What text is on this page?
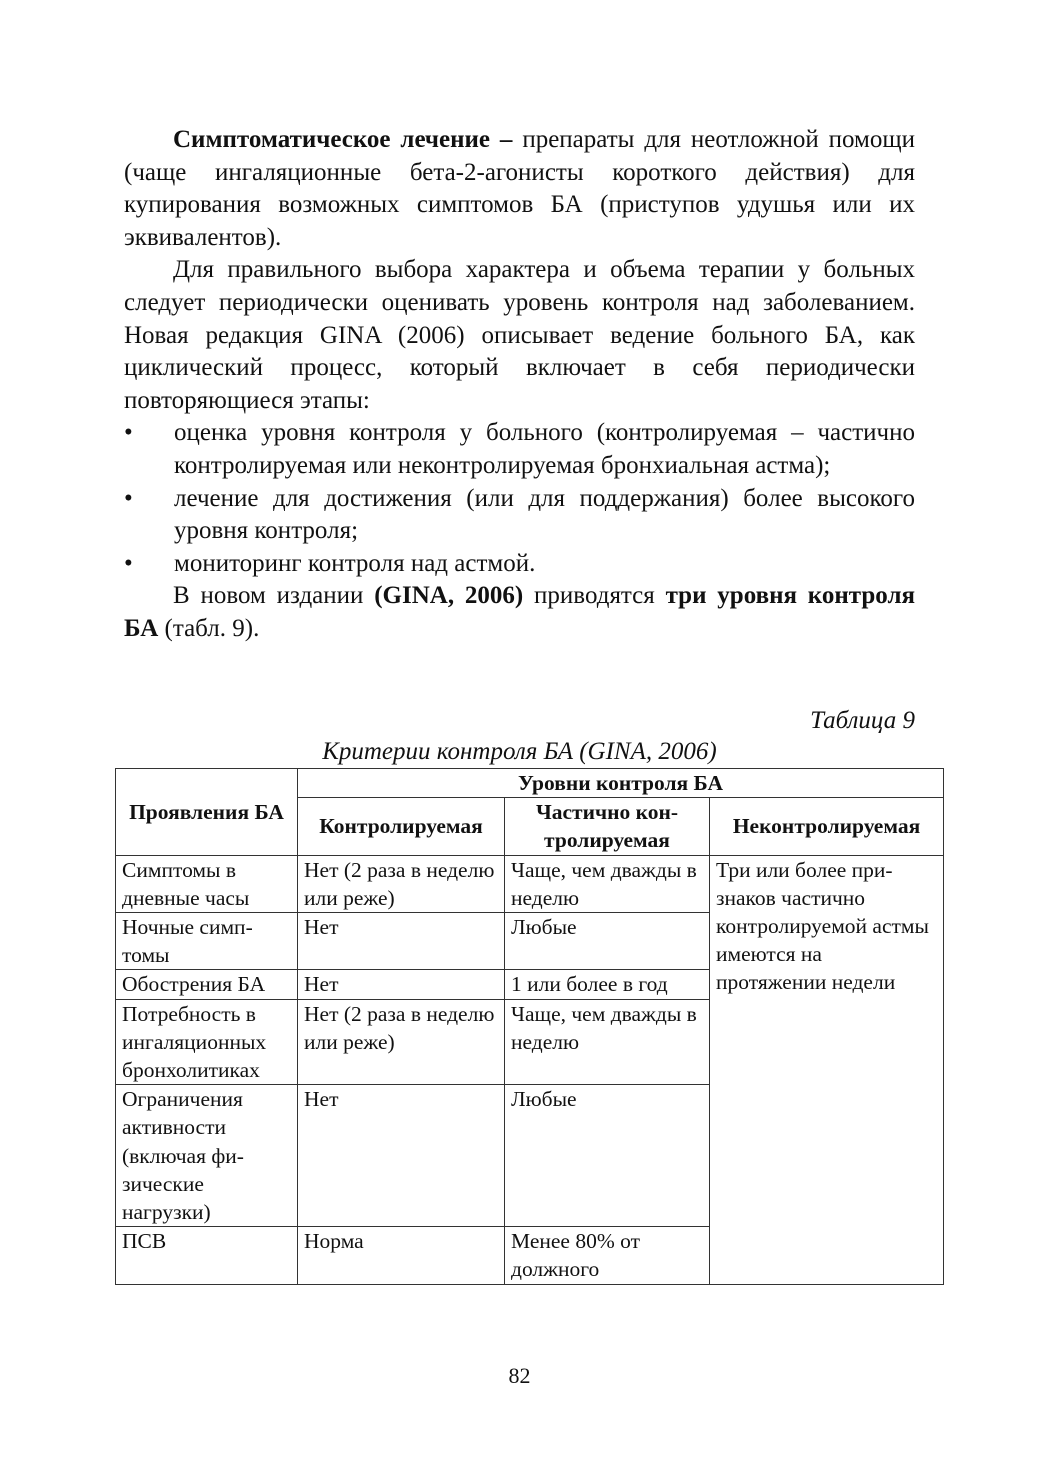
Симптоматическое лечение – препараты для неотложной помощи (чаще ингаляционные бета-2-агонисты короткого действия) для купирования возможных симптомов БА (приступов удушья или их эквивалентов).

Для правильного выбора характера и объема терапии у больных следует периодически оценивать уровень контроля над заболеванием. Новая редакция GINA (2006) описывает ведение больного БА, как циклический процесс, который включает в себя периодически повторяющиеся этапы:

• оценка уровня контроля у больного (контролируемая – частично контролируемая или неконтролируемая бронхиальная астма);
• лечение для достижения (или для поддержания) более высокого уровня контроля;
• мониторинг контроля над астмой.

В новом издании (GINA, 2006) приводятся три уровня контроля БА (табл. 9).

Таблица 9
Критерии контроля БА (GINA, 2006)
Проявления БА	Уровни контроля БА		
	Контролируемая	Частично контролируемая	Неконтролируемая
Симптомы в дневные часы	Нет (2 раза в неделю или реже)	Чаще, чем дважды в неделю	Три или более признаков частично контролируемой астмы имеются на протяжении недели
Ночные симптомы	Нет	Любые	
Обострения БА	Нет	1 или более в год	
Потребность в ингаляционных бронхолитиках	Нет (2 раза в неделю или реже)	Чаще, чем дважды в неделю	
Ограничения активности (включая физические нагрузки)	Нет	Любые	
ПСВ	Норма	Менее 80% от должного	
82
